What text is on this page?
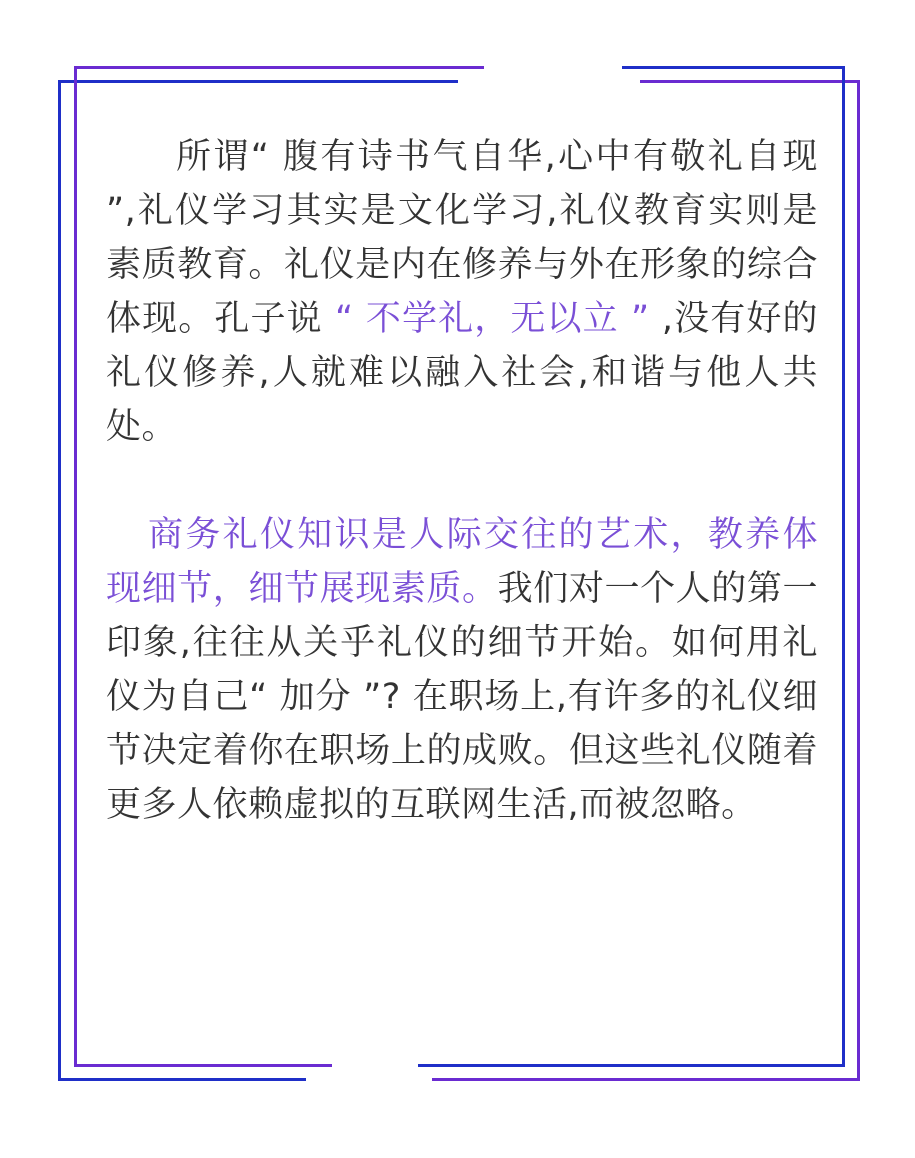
所谓“ 腹有诗书气自华,心中有敬礼自现 ”,礼仪学习其实是文化学习,礼仪教育实则是素质教育。礼仪是内在修养与外在形象的综合体现。孔子说 “ 不学礼，无以立 ” ,没有好的礼仪修养,人就难以融入社会,和谐与他人共处。

商务礼仪知识是人际交往的艺术，教养体现细节，细节展现素质。我们对一个人的第一印象,往往从关乎礼仪的细节开始。如何用礼仪为自己“ 加分 ”? 在职场上,有许多的礼仪细节决定着你在职场上的成败。但这些礼仪随着更多人依赖虚拟的互联网生活,而被忽略。
